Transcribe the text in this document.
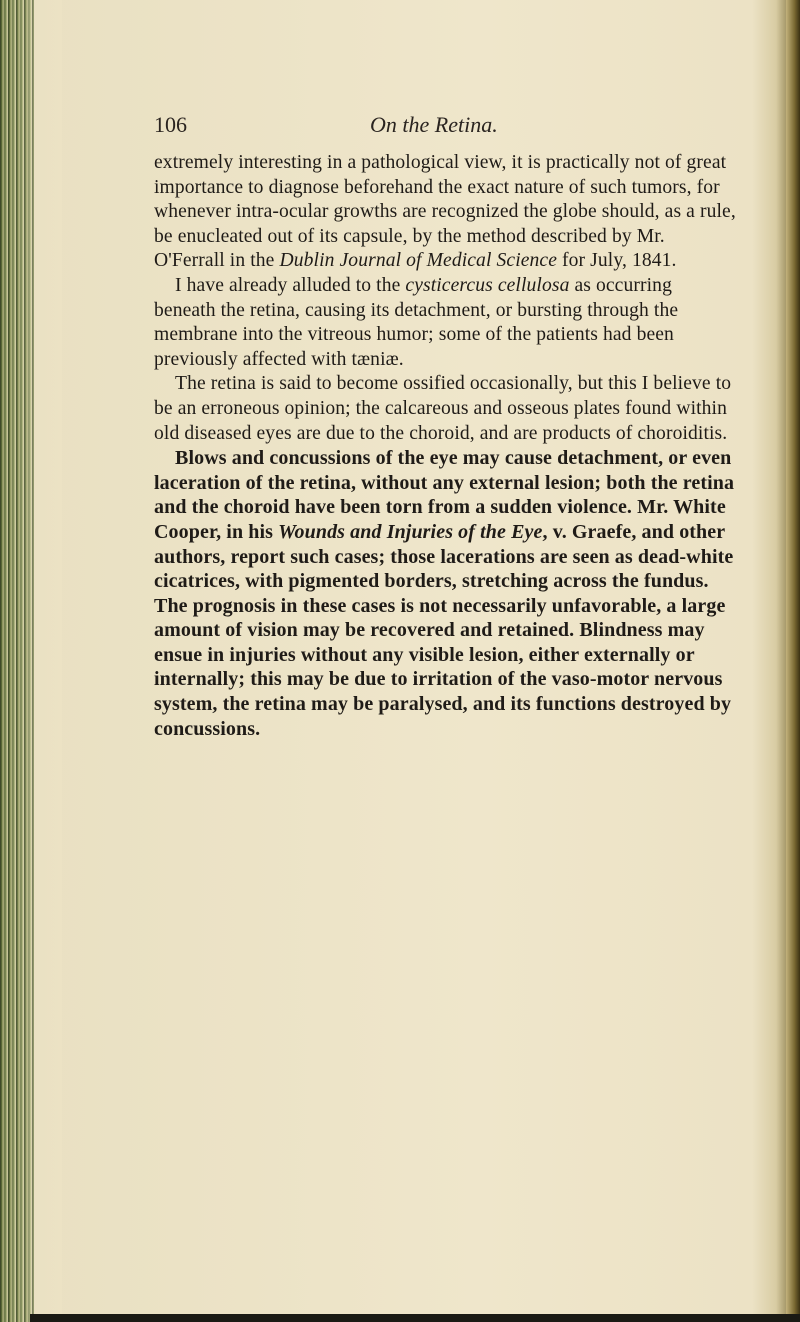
106	On the Retina.

extremely interesting in a pathological view, it is practically not of great importance to diagnose beforehand the exact nature of such tumors, for whenever intra-ocular growths are recognized the globe should, as a rule, be enucleated out of its capsule, by the method described by Mr. O'Ferrall in the Dublin Journal of Medical Science for July, 1841.

I have already alluded to the cysticercus cellulosa as occurring beneath the retina, causing its detachment, or bursting through the membrane into the vitreous humor; some of the patients had been previously affected with tæniæ.

The retina is said to become ossified occasionally, but this I believe to be an erroneous opinion; the calcareous and osseous plates found within old diseased eyes are due to the choroid, and are products of choroiditis.

Blows and concussions of the eye may cause detachment, or even laceration of the retina, without any external lesion; both the retina and the choroid have been torn from a sudden violence. Mr. White Cooper, in his Wounds and Injuries of the Eye, v. Graefe, and other authors, report such cases; those lacerations are seen as dead-white cicatrices, with pigmented borders, stretching across the fundus. The prognosis in these cases is not necessarily unfavorable, a large amount of vision may be recovered and retained. Blindness may ensue in injuries without any visible lesion, either externally or internally; this may be due to irritation of the vaso-motor nervous system, the retina may be paralysed, and its functions destroyed by concussions.
